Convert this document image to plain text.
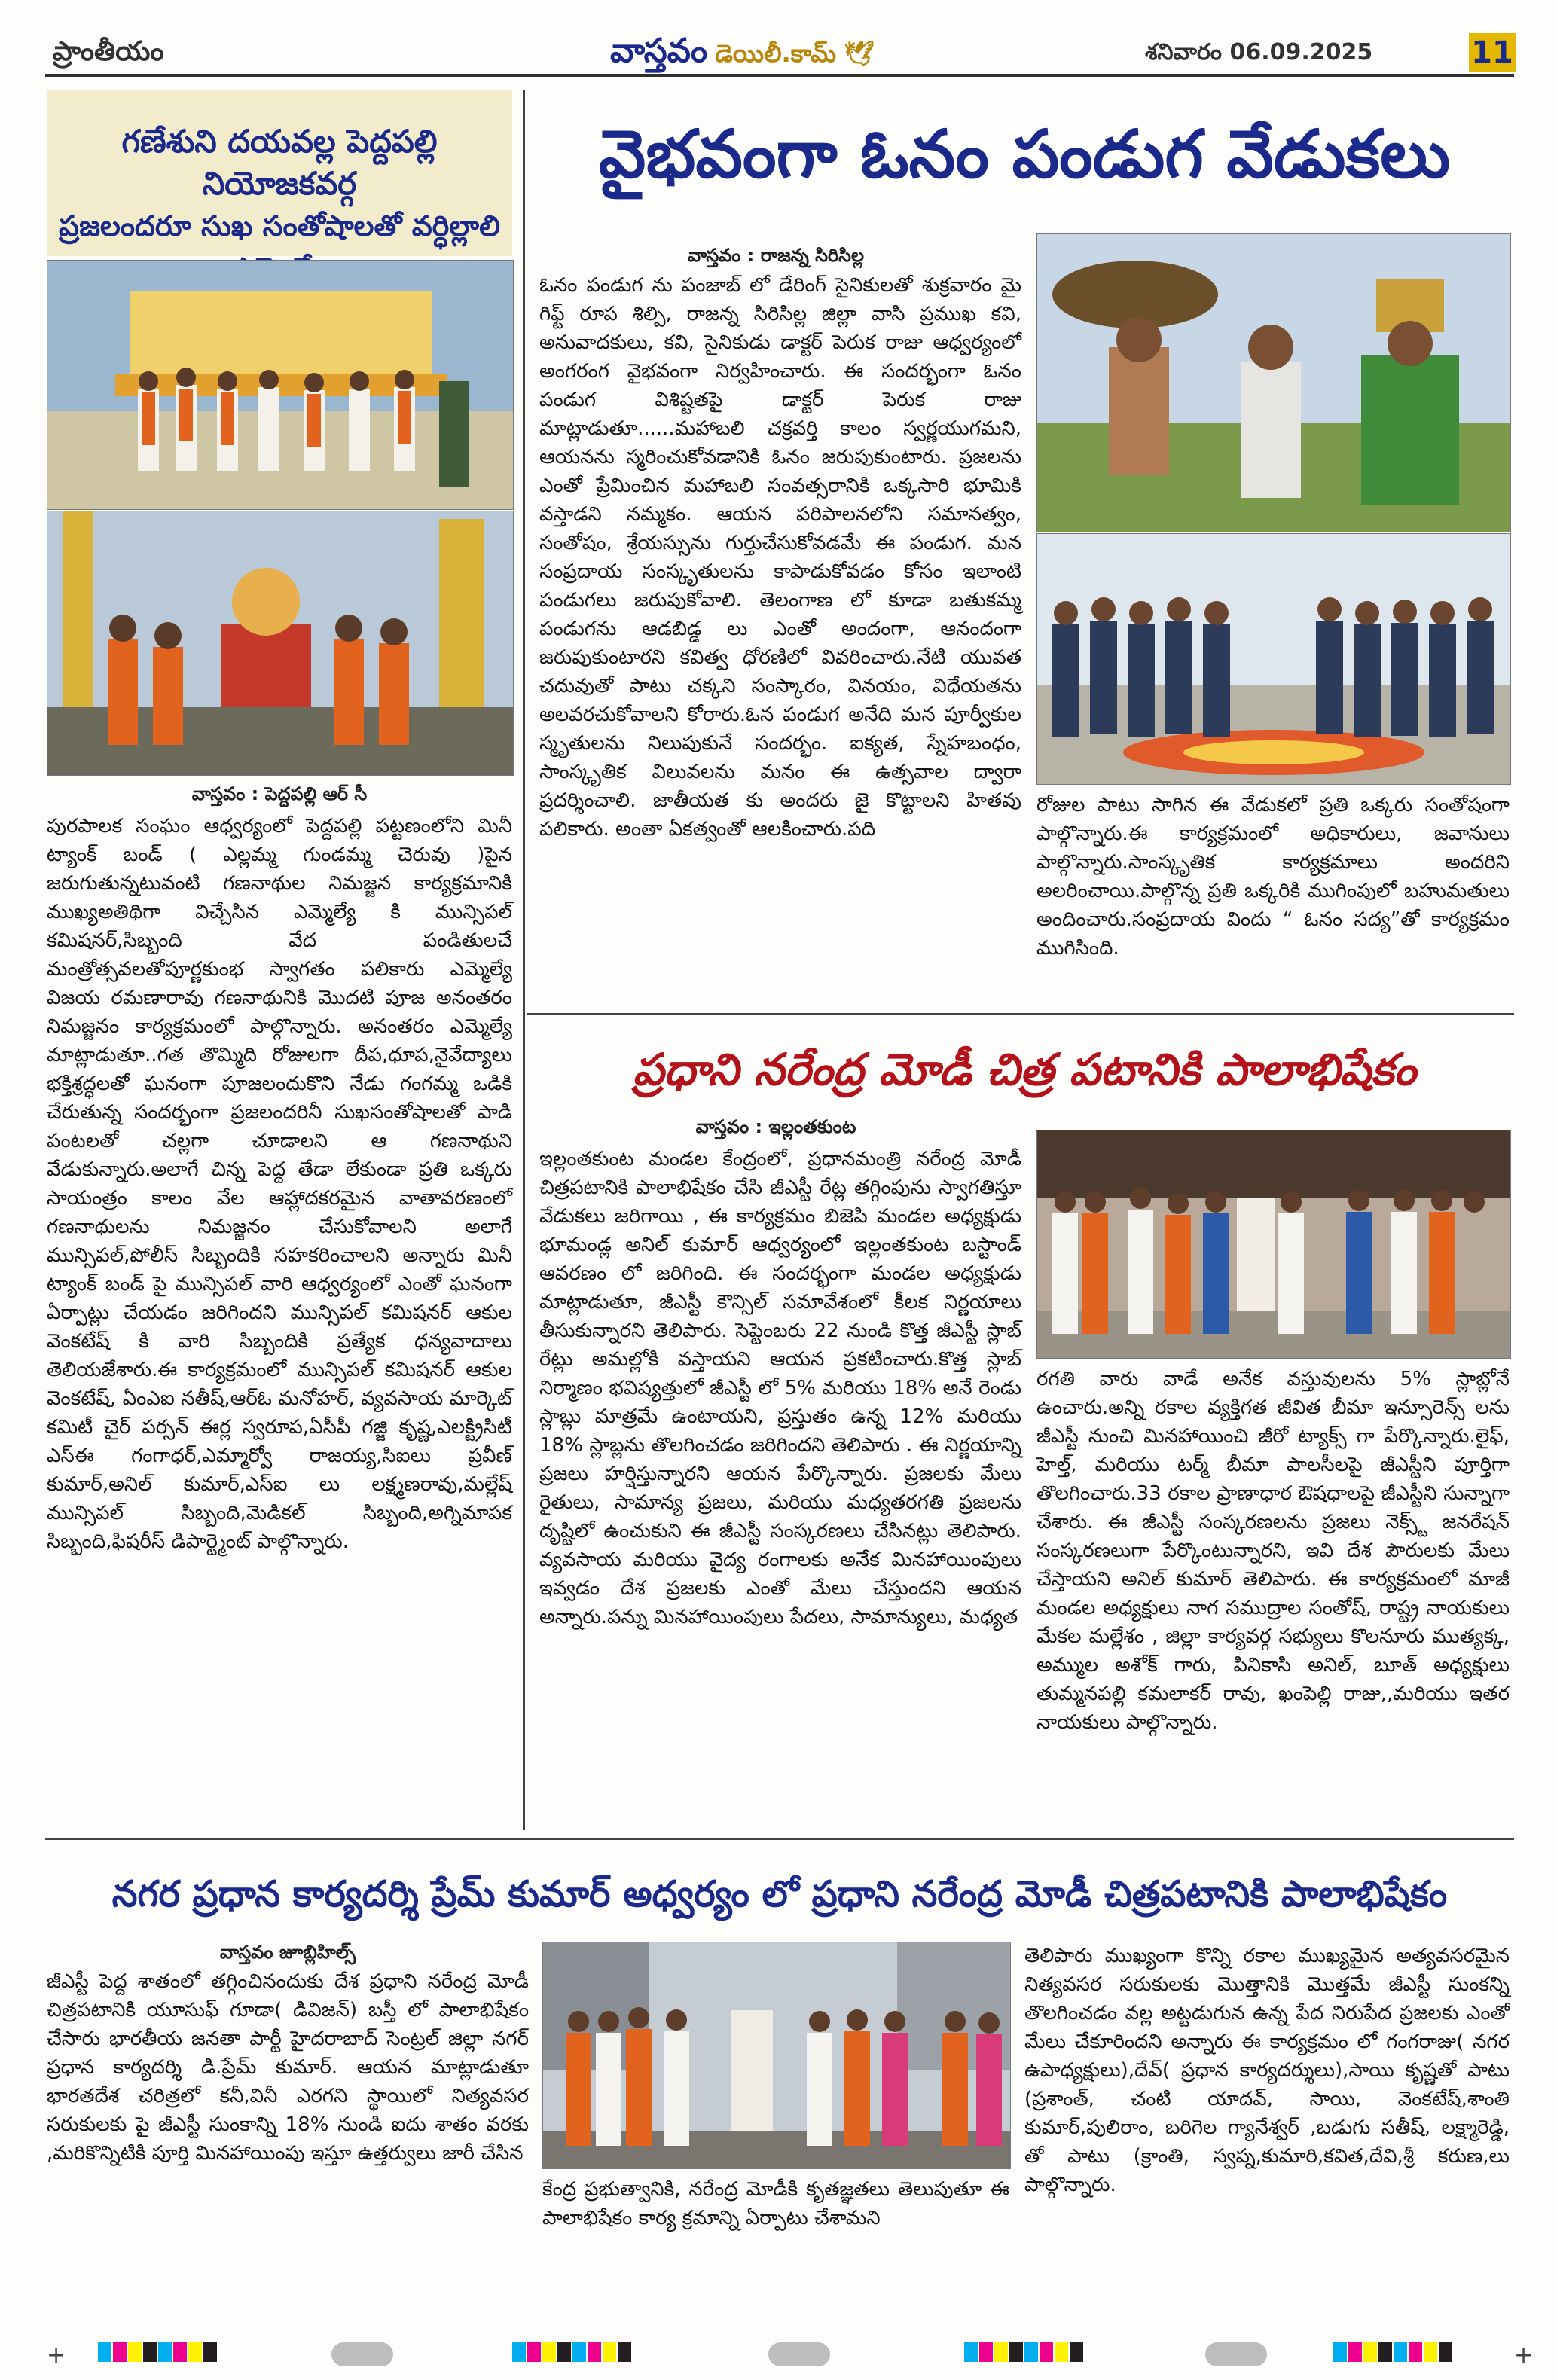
ప్రాంతీయం	వాస్తవం డెయిలీ.కామ్ 🕊	శనివారం 06.09.2025	11
గణేశుని దయవల్ల పెద్దపల్లి నియోజకవర్గ
ప్రజలందరూ సుఖ సంతోషాలతో వర్ధిల్లాలి
వాస్తవం : పెద్దపల్లి ఆర్ సీ

పురపాలక సంఘం ఆధ్వర్యంలో పెద్దపల్లి పట్టణంలోని మినీ ట్యాంక్ బండ్ ( ఎల్లమ్మ గుండమ్మ చెరువు )పైన జరుగుతున్నటువంటి గణనాథుల నిమజ్జన కార్యక్రమానికి ముఖ్యఅతిథిగా విచ్చేసిన ఎమ్మెల్యే కి మున్సిపల్ కమిషనర్,సిబ్బంది వేద పండితులచే మంత్రోత్సవలతోపూర్ణకుంభ స్వాగతం పలికారు ఎమ్మెల్యే విజయ రమణారావు గణనాథునికి మొదటి పూజ అనంతరం నిమజ్జనం కార్యక్రమంలో పాల్గొన్నారు. అనంతరం ఎమ్మెల్యే మాట్లాడుతూ..గత తొమ్మిది రోజులగా దీప,ధూప,నైవేద్యాలు భక్తిశ్రద్ధలతో ఘనంగా పూజలందుకొని నేడు గంగమ్మ ఒడికి చేరుతున్న సందర్భంగా ప్రజలందరినీ సుఖసంతోషాలతో పాడి పంటలతో చల్లగా చూడాలని ఆ గణనాథుని వేడుకున్నారు.అలాగే చిన్న పెద్ద తేడా లేకుండా ప్రతి ఒక్కరు సాయంత్రం కాలం వేల ఆహ్లాదకరమైన వాతావరణంలో గణనాథులను నిమజ్జనం చేసుకోవాలని అలాగే మున్సిపల్,పోలీస్ సిబ్బందికి సహకరించాలని అన్నారు మినీ ట్యాంక్ బండ్ పై మున్సిపల్ వారి ఆధ్వర్యంలో ఎంతో ఘనంగా ఏర్పాట్లు చేయడం జరిగిందని మున్సిపల్ కమిషనర్ ఆకుల వెంకటేష్ కి వారి సిబ్బందికి ప్రత్యేక ధన్యవాదాలు తెలియజేశారు.ఈ కార్యక్రమంలో మున్సిపల్ కమిషనర్ ఆకుల వెంకటేష్, ఏంఎఐ నతీష్,ఆర్ఓ మనోహర్, వ్యవసాయ మార్కెట్ కమిటీ చైర్ పర్సన్ ఈర్ల స్వరూప,ఏసీపీ గజ్జి కృష్ణ,ఎలక్ట్రిసిటీ ఎస్ఈ గంగాధర్,ఎమ్మార్వో రాజయ్య,సిఐలు ప్రవీణ్ కుమార్,అనిల్ కుమార్,ఎస్ఐ లు లక్ష్మణరావు,మల్లేష్ మున్సిపల్ సిబ్బంది,మెడికల్ సిబ్బంది,అగ్నిమాపక సిబ్బంది,ఫిషరీస్ డిపార్ట్మెంట్ పాల్గొన్నారు.

వైభవంగా ఓనం పండుగ వేడుకలు
వాస్తవం : రాజన్న సిరిసిల్ల

ఓనం పండుగ ను పంజాబ్ లో డేరింగ్ సైనికులతో శుక్రవారం మై గిఫ్ట్ రూప శిల్పి, రాజన్న సిరిసిల్ల జిల్లా వాసి ప్రముఖ కవి, అనువాదకులు, కవి, సైనికుడు డాక్టర్ పెరుక రాజు ఆధ్వర్యంలో అంగరంగ వైభవంగా నిర్వహించారు. ఈ సందర్భంగా ఓనం పండుగ విశిష్టతపై డాక్టర్ పెరుక రాజు మాట్లాడుతూ......మహాబలి చక్రవర్తి కాలం స్వర్ణయుగమని, ఆయనను స్మరించుకోవడానికి ఓనం జరుపుకుంటారు. ప్రజలను ఎంతో ప్రేమించిన మహాబలి సంవత్సరానికి ఒక్కసారి భూమికి వస్తాడని నమ్మకం. ఆయన పరిపాలనలోని సమానత్వం, సంతోషం, శ్రేయస్సును గుర్తుచేసుకోవడమే ఈ పండుగ. మన సంప్రదాయ సంస్కృతులను కాపాడుకోవడం కోసం ఇలాంటి పండుగలు జరుపుకోవాలి. తెలంగాణ లో కూడా బతుకమ్మ పండుగను ఆడబిడ్డ లు ఎంతో అందంగా, ఆనందంగా జరుపుకుంటారని కవిత్వ ధోరణిలో వివరించారు.నేటి యువత చదువుతో పాటు చక్కని సంస్కారం, వినయం, విధేయతను అలవరచుకోవాలని కోరారు.ఓన పండుగ అనేది మన పూర్వీకుల స్మృతులను నిలుపుకునే సందర్భం. ఐక్యత, స్నేహబంధం, సాంస్కృతిక విలువలను మనం ఈ ఉత్సవాల ద్వారా ప్రదర్శించాలి. జాతీయత కు అందరు జై కొట్టాలని హితవు పలికారు. అంతా ఏకత్వంతో ఆలకించారు.పది

రోజుల పాటు సాగిన ఈ వేడుకలో ప్రతి ఒక్కరు సంతోషంగా పాల్గొన్నారు.ఈ కార్యక్రమంలో అధికారులు, జవానులు పాల్గొన్నారు.సాంస్కృతిక కార్యక్రమాలు అందరిని అలరించాయి.పాల్గొన్న ప్రతి ఒక్కరికి ముగింపులో బహుమతులు అందించారు.సంప్రదాయ విందు “ ఓనం సద్య”తో కార్యక్రమం ముగిసింది.

ప్రధాని నరేంద్ర మోడీ చిత్ర పటానికి పాలాభిషేకం
వాస్తవం : ఇల్లంతకుంట

ఇల్లంతకుంట మండల కేంద్రంలో, ప్రధానమంత్రి నరేంద్ర మోడీ చిత్రపటానికి పాలాభిషేకం చేసి జీఎస్టీ రేట్ల తగ్గింపును స్వాగతిస్తూ వేడుకలు జరిగాయి , ఈ కార్యక్రమం బిజెపి మండల అధ్యక్షుడు భూమండ్ల అనిల్ కుమార్ ఆధ్వర్యంలో ఇల్లంతకుంట బస్టాండ్ ఆవరణం లో జరిగింది. ఈ సందర్భంగా మండల అధ్యక్షుడు మాట్లాడుతూ, జీఎస్టీ కౌన్సిల్ సమావేశంలో కీలక నిర్ణయాలు తీసుకున్నారని తెలిపారు. సెప్టెంబరు 22 నుండి కొత్త జీఎస్టీ స్లాబ్ రేట్లు అమల్లోకి వస్తాయని ఆయన ప్రకటించారు.కొత్త స్లాబ్ నిర్మాణం భవిష్యత్తులో జీఎస్టీ లో 5% మరియు 18% అనే రెండు స్లాబ్లు మాత్రమే ఉంటాయని, ప్రస్తుతం ఉన్న 12% మరియు 18% స్లాబ్లను తొలగించడం జరిగిందని తెలిపారు . ఈ నిర్ణయాన్ని ప్రజలు హర్షిస్తున్నారని ఆయన పేర్కొన్నారు. ప్రజలకు మేలు రైతులు, సామాన్య ప్రజలు, మరియు మధ్యతరగతి ప్రజలను దృష్టిలో ఉంచుకుని ఈ జీఎస్టీ సంస్కరణలు చేసినట్లు తెలిపారు. వ్యవసాయ మరియు వైద్య రంగాలకు అనేక మినహాయింపులు ఇవ్వడం దేశ ప్రజలకు ఎంతో మేలు చేస్తుందని ఆయన అన్నారు.పన్ను మినహాయింపులు పేదలు, సామాన్యులు, మధ్యత

రగతి వారు వాడే అనేక వస్తువులను 5% స్లాబ్లోనే ఉంచారు.అన్ని రకాల వ్యక్తిగత జీవిత బీమా ఇన్సూరెన్స్ లను జీఎస్టీ నుంచి మినహాయించి జీరో ట్యాక్స్ గా పేర్కొన్నారు.లైఫ్, హెల్త్, మరియు టర్మ్ బీమా పాలసీలపై జీఎస్టీని పూర్తిగా తొలగించారు.33 రకాల ప్రాణాధార ఔషధాలపై జీఎస్టీని సున్నాగా చేశారు. ఈ జీఎస్టీ సంస్కరణలను ప్రజలు నెక్స్ట్ జనరేషన్ సంస్కరణలుగా పేర్కొంటున్నారని, ఇవి దేశ పౌరులకు మేలు చేస్తాయని అనిల్ కుమార్ తెలిపారు. ఈ కార్యక్రమంలో మాజీ మండల అధ్యక్షులు నాగ సముద్రాల సంతోష్, రాష్ట్ర నాయకులు మేకల మల్లేశం , జిల్లా కార్యవర్గ సభ్యులు కొలనూరు ముత్యక్క, అమ్ముల అశోక్ గారు, పినికాసి అనిల్, బూత్ అధ్యక్షులు తుమ్మనపల్లి కమలాకర్ రావు, ఖంపెల్లి రాజు,,మరియు ఇతర నాయకులు పాల్గొన్నారు.

నగర ప్రధాన కార్యదర్శి ప్రేమ్ కుమార్ అధ్వర్యం లో ప్రధాని నరేంద్ర మోడీ చిత్రపటానికి పాలాభిషేకం
వాస్తవం జూబ్లిహిల్స్

జీఎస్టీ పెద్ద శాతంలో తగ్గించినందుకు దేశ ప్రధాని నరేంద్ర మోడీ చిత్రపటానికి యూసుఫ్ గూడా( డివిజన్) బస్తీ లో పాలాభిషేకం చేసారు భారతీయ జనతా పార్టీ హైదరాబాద్ సెంట్రల్ జిల్లా నగర్ ప్రధాన కార్యదర్శి డి.ప్రేమ్ కుమార్. ఆయన మాట్లాడుతూ భారతదేశ చరిత్రలో కనీ,వినీ ఎరగని స్థాయిలో నిత్యవసర సరుకులకు పై జీఎస్టీ సుంకాన్ని 18% నుండి ఐదు శాతం వరకు ,మరికొన్నిటికి పూర్తి మినహాయింపు ఇస్తూ ఉత్తర్వులు జారీ చేసిన

కేంద్ర ప్రభుత్వానికి, నరేంద్ర మోడీకి కృతజ్ఞతలు తెలుపుతూ ఈ పాలాభిషేకం కార్య క్రమాన్ని ఏర్పాటు చేశామని

తెలిపారు ముఖ్యంగా కొన్ని రకాల ముఖ్యమైన అత్యవసరమైన నిత్యవసర సరుకులకు మొత్తానికి మొత్తమే జీఎస్టీ సుంకన్ని తొలగించడం వల్ల అట్టడుగున ఉన్న పేద నిరుపేద ప్రజలకు ఎంతో మేలు చేకూరిందని అన్నారు ఈ కార్యక్రమం లో గంగరాజు( నగర ఉపాధ్యక్షులు),దేవ్( ప్రధాన కార్యదర్శులు),సాయి కృష్ణతో పాటు (ప్రశాంత్, చంటి యాదవ్, సాయి, వెంకటేష్,శాంతి కుమార్,పులిరాం, బరిగెల గ్యానేశ్వర్ ,బడుగు సతీష్, లక్ష్మారెడ్డి, తో పాటు (క్రాంతి, స్వప్న,కుమారి,కవిత,దేవి,శ్రీ కరుణ,లు పాల్గొన్నారు.

+	+
